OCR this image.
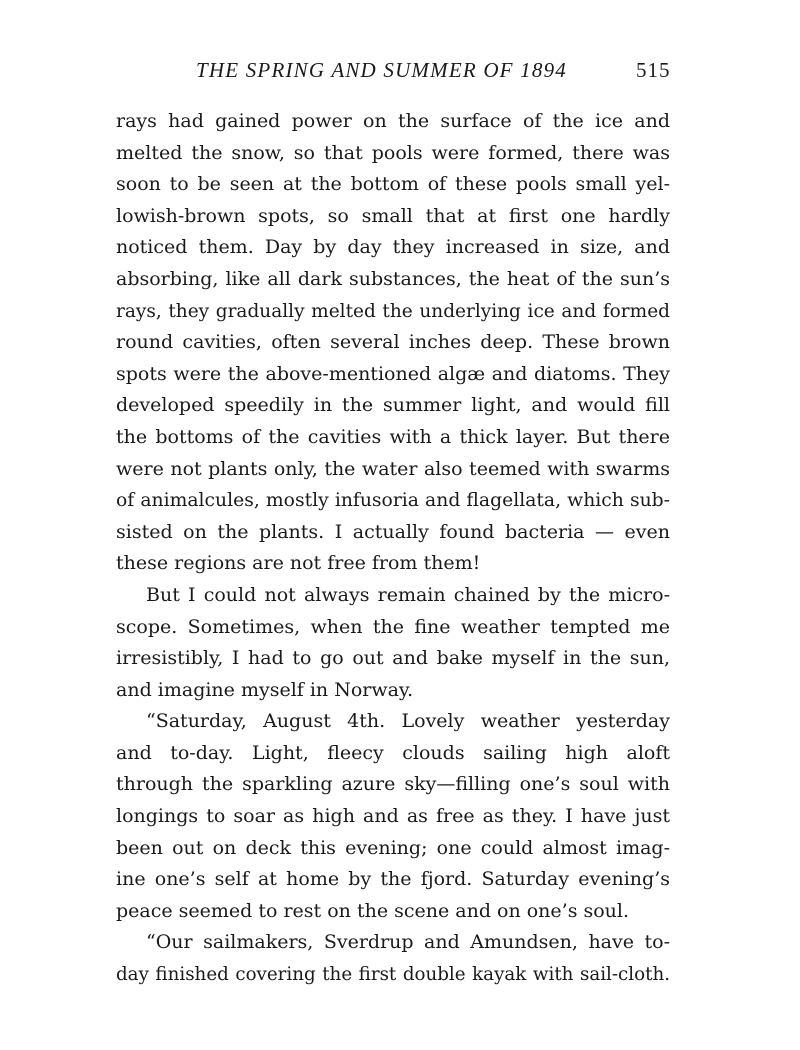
THE SPRING AND SUMMER OF 1894	515
rays had gained power on the surface of the ice and
melted the snow, so that pools were formed, there was
soon to be seen at the bottom of these pools small yel-
lowish-brown spots, so small that at first one hardly
noticed them. Day by day they increased in size, and
absorbing, like all dark substances, the heat of the sun’s
rays, they gradually melted the underlying ice and formed
round cavities, often several inches deep. These brown
spots were the above-mentioned algæ and diatoms. They
developed speedily in the summer light, and would fill
the bottoms of the cavities with a thick layer. But there
were not plants only, the water also teemed with swarms
of animalcules, mostly infusoria and flagellata, which sub-
sisted on the plants. I actually found bacteria — even
these regions are not free from them!
But I could not always remain chained by the micro-
scope. Sometimes, when the fine weather tempted me
irresistibly, I had to go out and bake myself in the sun,
and imagine myself in Norway.
“Saturday, August 4th. Lovely weather yesterday
and to-day. Light, fleecy clouds sailing high aloft
through the sparkling azure sky—filling one’s soul with
longings to soar as high and as free as they. I have just
been out on deck this evening; one could almost imag-
ine one’s self at home by the fjord. Saturday evening’s
peace seemed to rest on the scene and on one’s soul.
“Our sailmakers, Sverdrup and Amundsen, have to-
day finished covering the first double kayak with sail-cloth.
